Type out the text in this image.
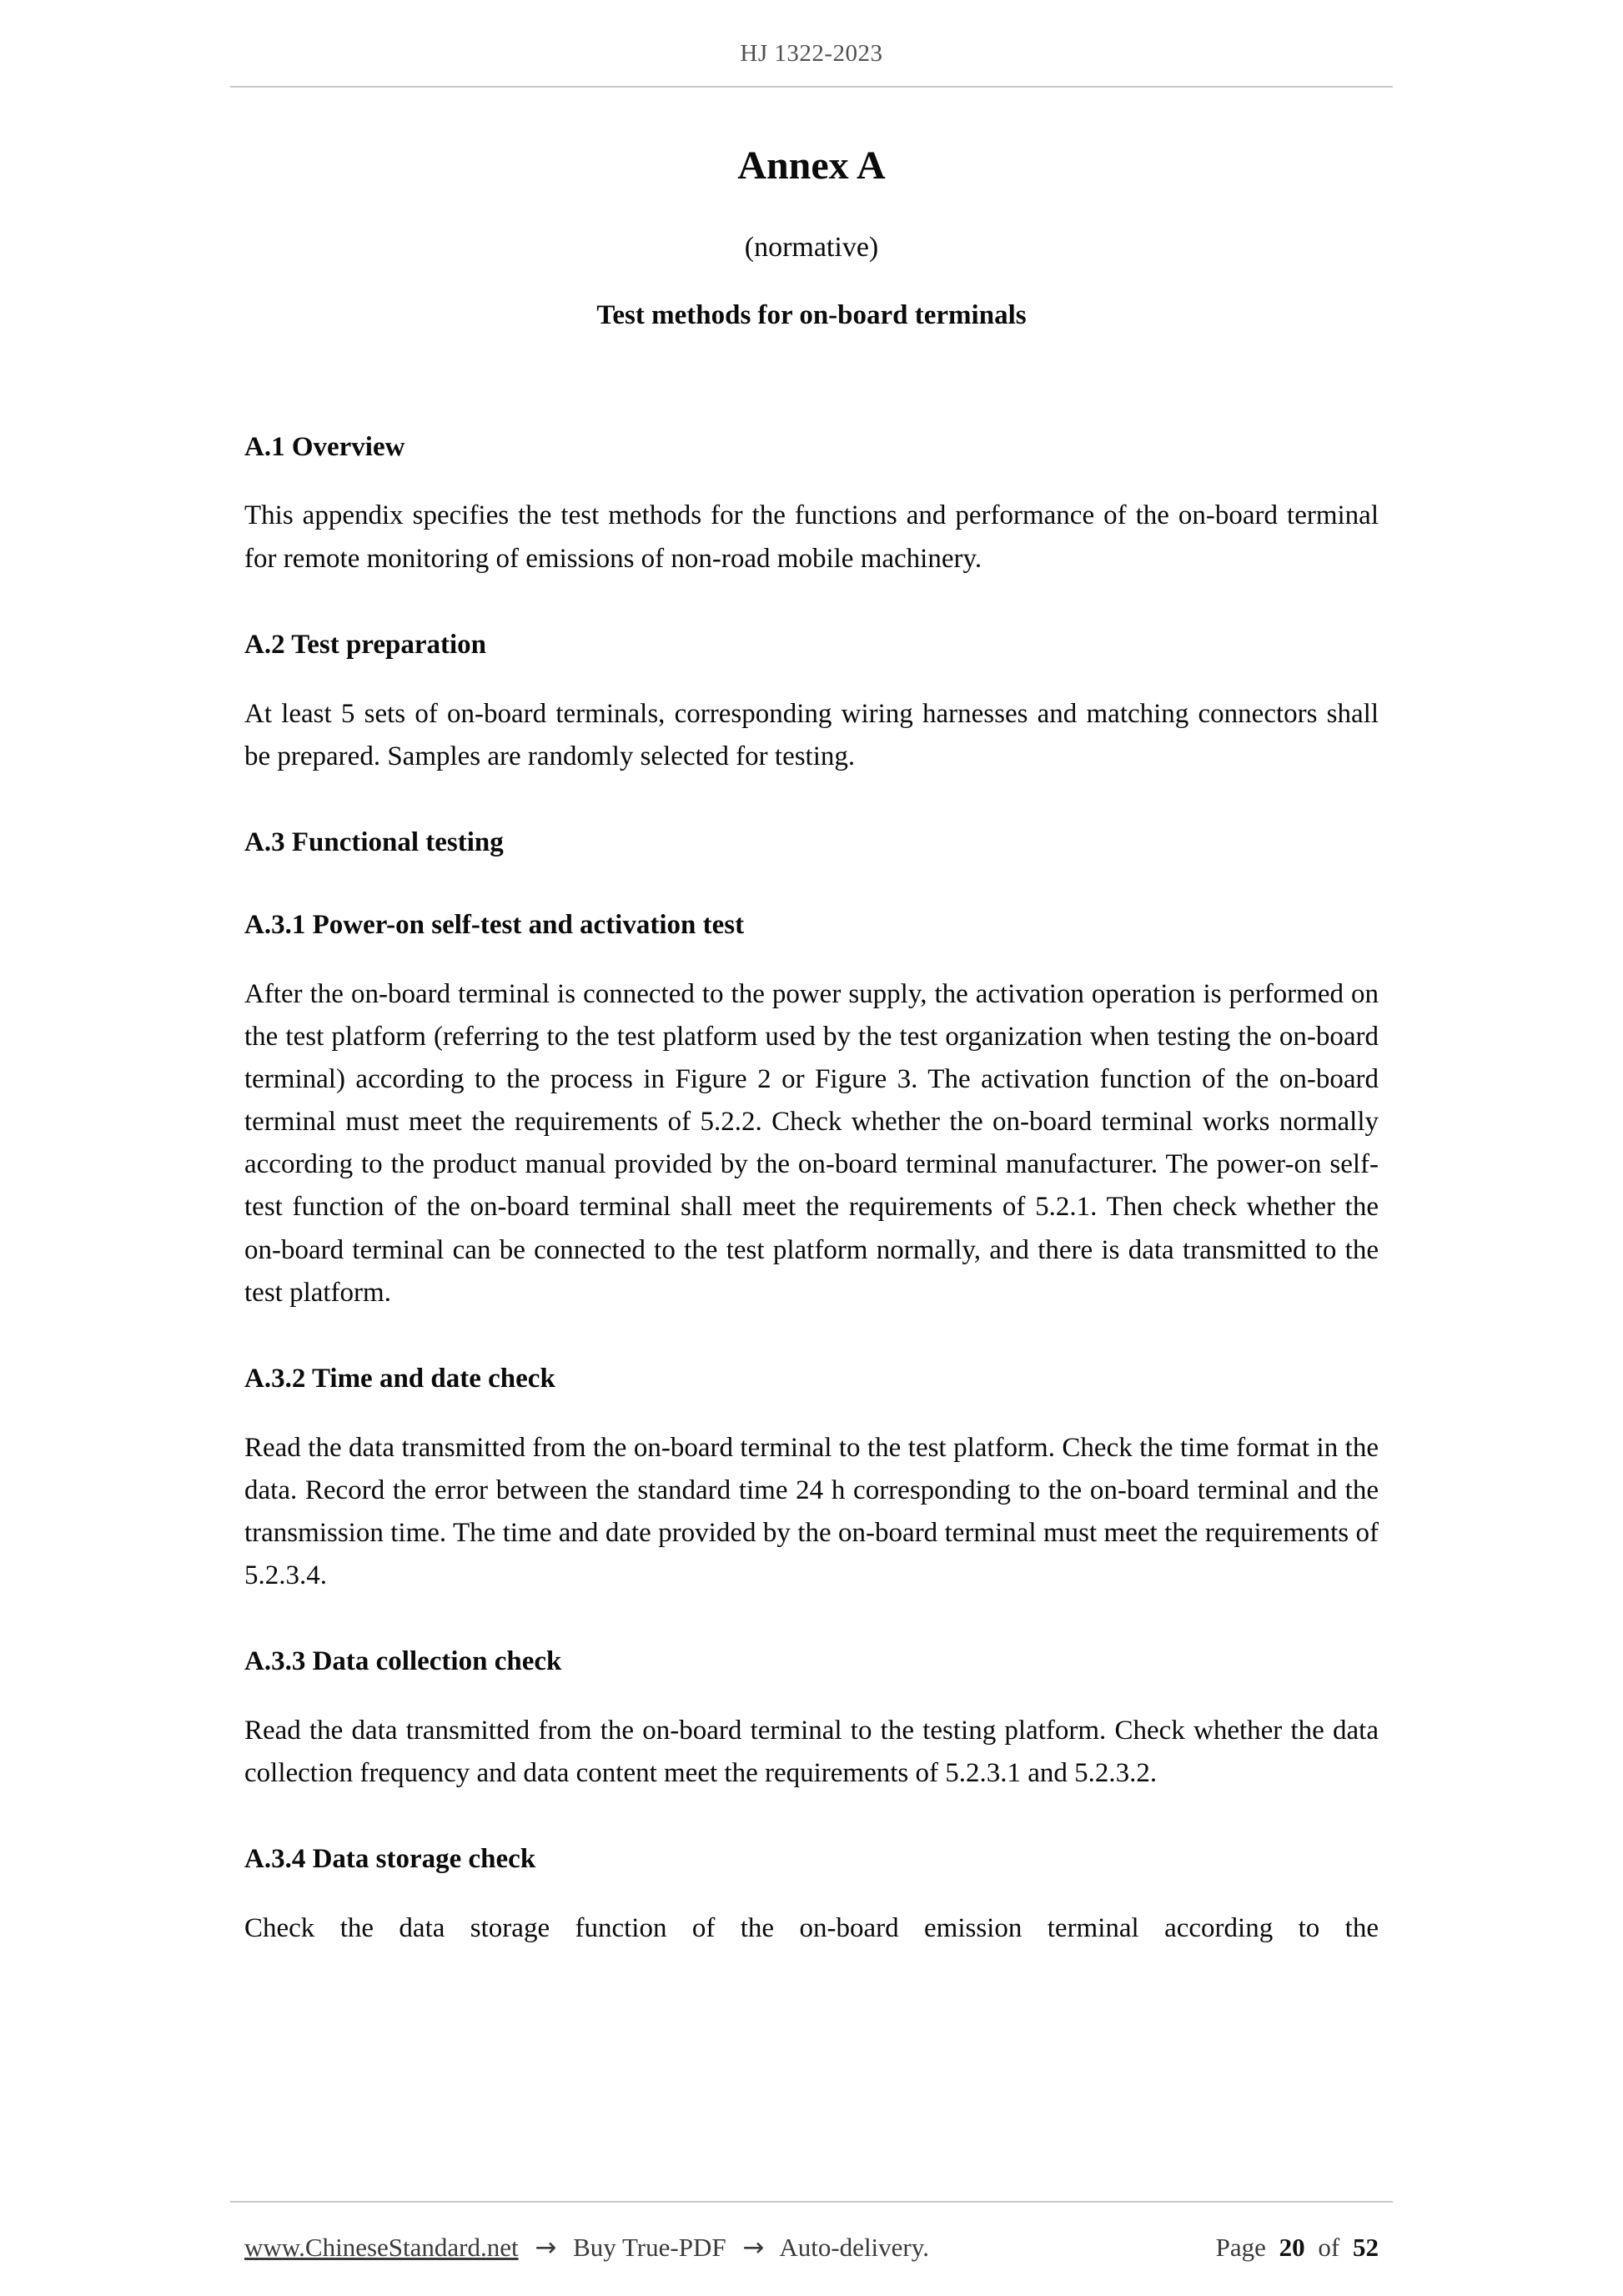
HJ 1322-2023
Annex A
(normative)
Test methods for on-board terminals
A.1 Overview

This appendix specifies the test methods for the functions and performance of the on-board terminal for remote monitoring of emissions of non-road mobile machinery.

A.2 Test preparation

At least 5 sets of on-board terminals, corresponding wiring harnesses and matching connectors shall be prepared. Samples are randomly selected for testing.

A.3 Functional testing
A.3.1 Power-on self-test and activation test

After the on-board terminal is connected to the power supply, the activation operation is performed on the test platform (referring to the test platform used by the test organization when testing the on-board terminal) according to the process in Figure 2 or Figure 3. The activation function of the on-board terminal must meet the requirements of 5.2.2. Check whether the on-board terminal works normally according to the product manual provided by the on-board terminal manufacturer. The power-on self-test function of the on-board terminal shall meet the requirements of 5.2.1. Then check whether the on-board terminal can be connected to the test platform normally, and there is data transmitted to the test platform.

A.3.2 Time and date check

Read the data transmitted from the on-board terminal to the test platform. Check the time format in the data. Record the error between the standard time 24 h corresponding to the on-board terminal and the transmission time. The time and date provided by the on-board terminal must meet the requirements of 5.2.3.4.

A.3.3 Data collection check

Read the data transmitted from the on-board terminal to the testing platform. Check whether the data collection frequency and data content meet the requirements of 5.2.3.1 and 5.2.3.2.

A.3.4 Data storage check

Check the data storage function of the on-board emission terminal according to the

www.ChineseStandard.net → Buy True-PDF → Auto-delivery.	Page 20 of 52
